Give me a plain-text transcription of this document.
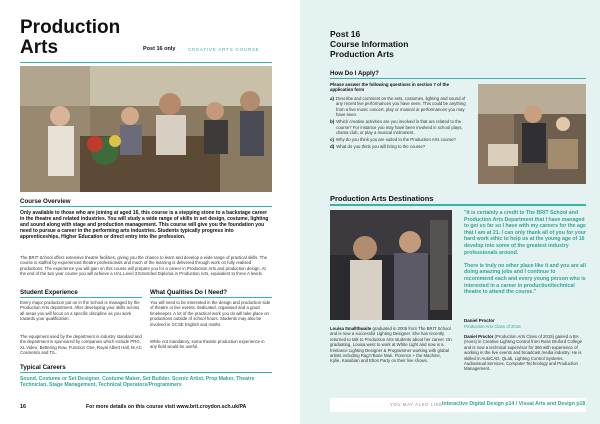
Production
Arts	Post 16 only	CREATIVE ARTS COURSE
Course Overview
Only available to those who are joining at aged 16, this course is a stepping stone to a backstage career in the theatre and related industries. You will study a wide range of skills in set design, costume, lighting and sound along with stage and production management. This course will give you the foundation you need to pursue a career in the performing arts industries. Students typically progress into apprenticeships, Higher Education or direct entry into the profession.
The BRIT School offers extensive theatre facilities, giving you the chance to learn and develop a wide range of practical skills. The course is staffed by experienced theatre professionals and much of the learning is delivered through work on fully realised productions. The experience you will gain on this course will prepare you for a career in Production Arts and production design. At the end of the two year course you will achieve a UAL Level 3 Extended Diploma in Production Arts, equivalent to three A levels.
Student Experience
Every major production put on in the School is managed by the Production Arts department. After developing your skills across all areas you will focus on a specific discipline as you work towards your qualification.
The equipment used by the department is industry standard and the department is sponsored by companies which include PRG, XL Video, Bettering Row, Function One, Royal Albert Hall, M.AC Cosmetics and TIL.
What Qualities Do I Need?
You will need to be interested in the design and production side of theatre or live events, dedicated, organised and a good timekeeper. A lot of the practical work you do will take place on productions outside of school hours. Students may also be involved in GCSE English and maths.
While not mandatory, some theatre production experience in any field would be useful.
Typical Careers
Sound, Costume or Set Designer, Costume Maker, Set Builder, Scenic Artist, Prop Maker, Theatre Technician, Stage Management, Technical Operators/Programmers
16	For more details on this course visit www.brit.croydon.sch.uk/PA
Post 16
Course Information
Production Arts
How Do I Apply?
Please answer the following questions in section 7 of the application form
a) Describe and comment on the sets, costumes, lighting and sound of any recent live performances you have seen. This could be anything from a live music concert, play or musical or performances you may have seen.
b) Which creative activities are you involved in that are related to the course? For instance you may have been involved in school plays, drama club, or play a musical instrument.
c) Why do you think you are suited to the Production Arts course?
d) What do you think you will bring to the course?
Production Arts Destinations
"It is certainly a credit to The BRIT School and Production Arts Department that I have managed to get so far so I have with my careers for the age that I am at 21. I can only thank all of you for your hard work ethic to help us at the young age of 16 develop into some of the greatest industry professionals around.

There is truly no other place like it and you are all doing amazing jobs and I continue to recommend each and every young person who is interested in a career in production/technical theatre to attend the course."
Daniel Proctor
Production Arts Class of 2015
Louisa Smallthwaite graduated in 2006 from The BRIT School and is now a successful Lighting Designer. She has recently returned to talk to Production Arts students about her career. On graduating, Louisa went to work at White Light and now is a freelance Lighting Designer & Programmer working with global artists including Rag'n'Bone Man, Florence + the Machine, Kylie, Kasabian and Elton Party on their live shows.
Daniel Proctor (Production Arts Class of 2015) gained a BA (Hons) in Creative Lighting Control from Rose Bruford College and is now a technical supervisor for 360 with experience of working in the live events and broadcast media industry. He is skilled in AutoCAD, QLab, Lighting Control Systems, Audiovisual Services, Computer Technology and Production Management.
YOU MAY ALSO LIKE:
Interactive Digital Design p14 / Visual Arts and Design p18
